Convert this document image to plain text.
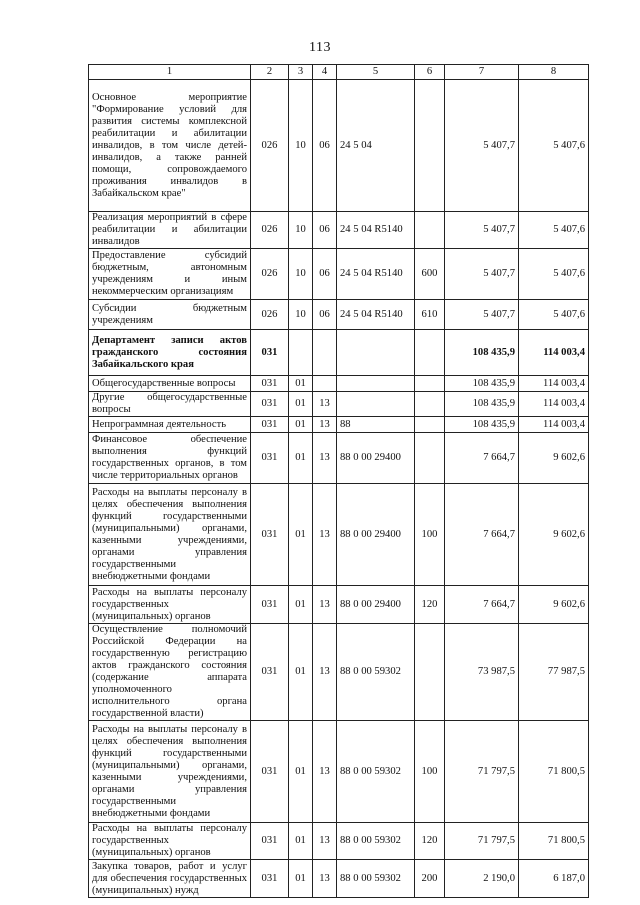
113
1	2	3	4	5	6	7	8
Основное мероприятие "Формирование условий для развития системы комплексной реабилитации и абилитации инвалидов, в том числе детей-инвалидов, а также ранней помощи, сопровождаемого проживания инвалидов в Забайкальском крае"	026	10	06	24 5 04		5 407,7	5 407,6
Реализация мероприятий в сфере реабилитации и абилитации инвалидов	026	10	06	24 5 04 R5140		5 407,7	5 407,6
Предоставление субсидий бюджетным, автономным учреждениям и иным некоммерческим организациям	026	10	06	24 5 04 R5140	600	5 407,7	5 407,6
Субсидии бюджетным учреждениям	026	10	06	24 5 04 R5140	610	5 407,7	5 407,6
Департамент записи актов гражданского состояния Забайкальского края	031					108 435,9	114 003,4
Общегосударственные вопросы	031	01				108 435,9	114 003,4
Другие общегосударственные вопросы	031	01	13			108 435,9	114 003,4
Непрограммная деятельность	031	01	13	88		108 435,9	114 003,4
Финансовое обеспечение выполнения функций государственных органов, в том числе территориальных органов	031	01	13	88 0 00 29400		7 664,7	9 602,6
Расходы на выплаты персоналу в целях обеспечения выполнения функций государственными (муниципальными) органами, казенными учреждениями, органами управления государственными внебюджетными фондами	031	01	13	88 0 00 29400	100	7 664,7	9 602,6
Расходы на выплаты персоналу государственных (муниципальных) органов	031	01	13	88 0 00 29400	120	7 664,7	9 602,6
Осуществление полномочий Российской Федерации на государственную регистрацию актов гражданского состояния (содержание аппарата уполномоченного исполнительного органа государственной власти)	031	01	13	88 0 00 59302		73 987,5	77 987,5
Расходы на выплаты персоналу в целях обеспечения выполнения функций государственными (муниципальными) органами, казенными учреждениями, органами управления государственными внебюджетными фондами	031	01	13	88 0 00 59302	100	71 797,5	71 800,5
Расходы на выплаты персоналу государственных (муниципальных) органов	031	01	13	88 0 00 59302	120	71 797,5	71 800,5
Закупка товаров, работ и услуг для обеспечения государственных (муниципальных) нужд	031	01	13	88 0 00 59302	200	2 190,0	6 187,0
